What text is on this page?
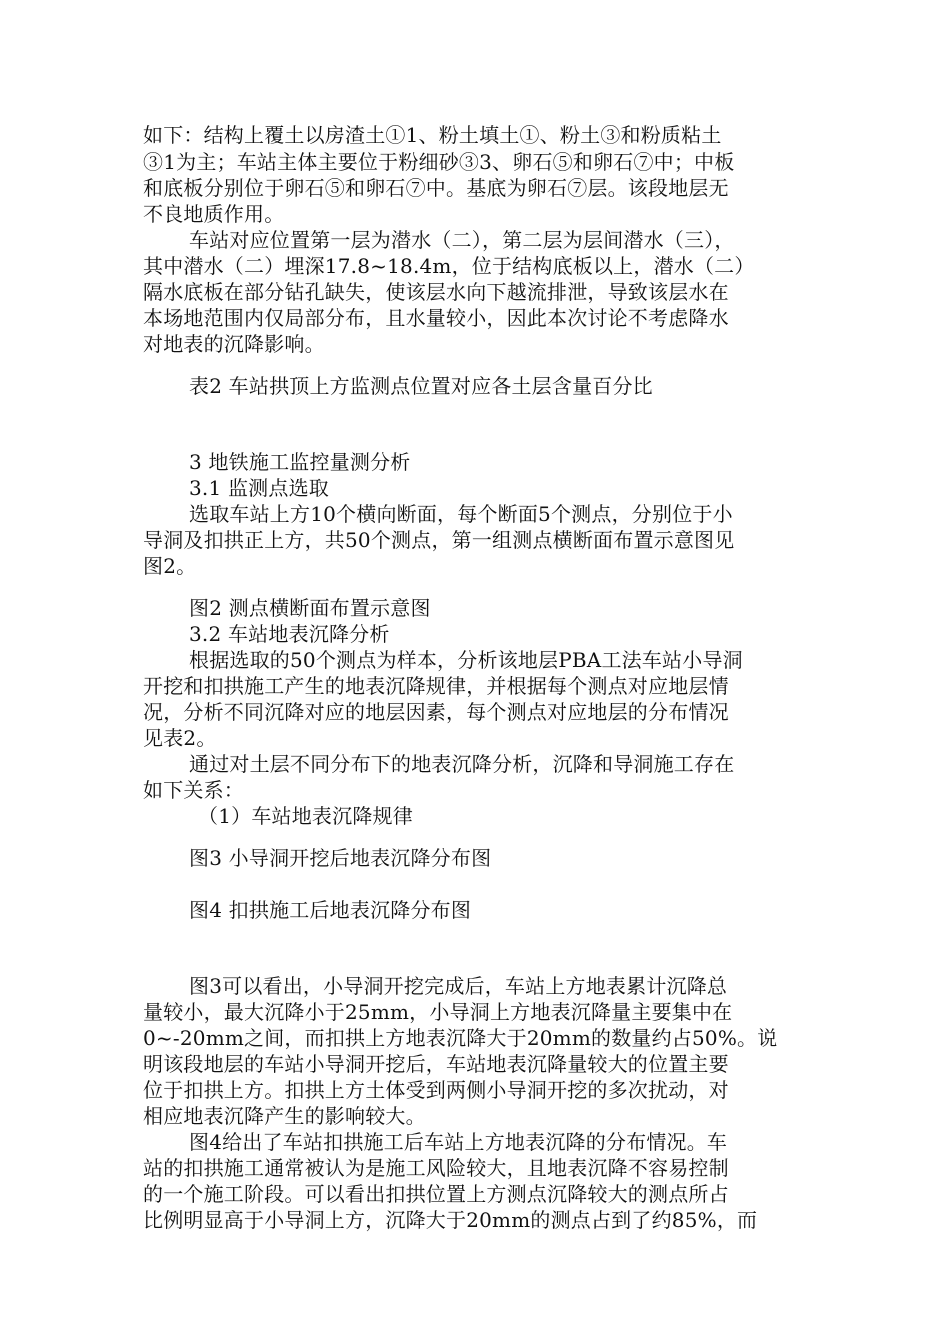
如下：结构上覆土以房渣土①1、粉土填土①、粉土③和粉质粘土
③1为主；车站主体主要位于粉细砂③3、卵石⑤和卵石⑦中；中板
和底板分别位于卵石⑤和卵石⑦中。基底为卵石⑦层。该段地层无
不良地质作用。
车站对应位置第一层为潜水（二），第二层为层间潜水（三），
其中潜水（二）埋深17.8~18.4m，位于结构底板以上，潜水（二）
隔水底板在部分钻孔缺失，使该层水向下越流排泄，导致该层水在
本场地范围内仅局部分布，且水量较小，因此本次讨论不考虑降水
对地表的沉降影响。
表2 车站拱顶上方监测点位置对应各土层含量百分比
3 地铁施工监控量测分析
3.1 监测点选取
选取车站上方10个横向断面，每个断面5个测点，分别位于小
导洞及扣拱正上方，共50个测点，第一组测点横断面布置示意图见
图2。
图2 测点横断面布置示意图
3.2 车站地表沉降分析
根据选取的50个测点为样本，分析该地层PBA工法车站小导洞
开挖和扣拱施工产生的地表沉降规律，并根据每个测点对应地层情
况，分析不同沉降对应的地层因素，每个测点对应地层的分布情况
见表2。
通过对土层不同分布下的地表沉降分析，沉降和导洞施工存在
如下关系：
（1）车站地表沉降规律
图3 小导洞开挖后地表沉降分布图
图4 扣拱施工后地表沉降分布图
图3可以看出，小导洞开挖完成后，车站上方地表累计沉降总
量较小，最大沉降小于25mm，小导洞上方地表沉降量主要集中在
0~-20mm之间，而扣拱上方地表沉降大于20mm的数量约占50%。说
明该段地层的车站小导洞开挖后，车站地表沉降量较大的位置主要
位于扣拱上方。扣拱上方土体受到两侧小导洞开挖的多次扰动，对
相应地表沉降产生的影响较大。
图4给出了车站扣拱施工后车站上方地表沉降的分布情况。车
站的扣拱施工通常被认为是施工风险较大，且地表沉降不容易控制
的一个施工阶段。可以看出扣拱位置上方测点沉降较大的测点所占
比例明显高于小导洞上方，沉降大于20mm的测点占到了约85%，而
